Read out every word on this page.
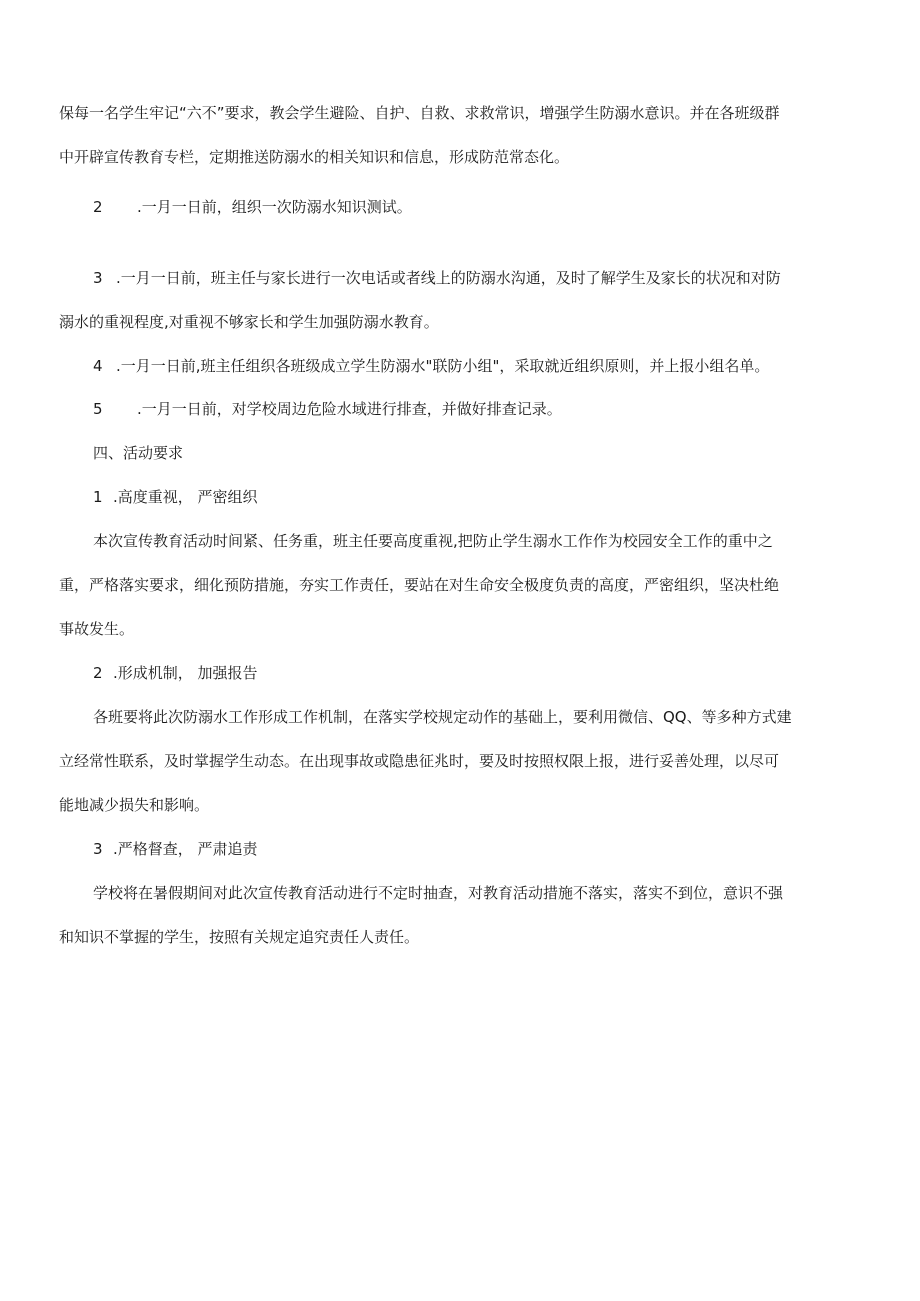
保每一名学生牢记“六不”要求，教会学生避险、自护、自救、求救常识，增强学生防溺水意识。并在各班级群
中开辟宣传教育专栏，定期推送防溺水的相关知识和信息，形成防范常态化。
2 .一月一日前，组织一次防溺水知识测试。
3 .一月一日前，班主任与家长进行一次电话或者线上的防溺水沟通，及时了解学生及家长的状况和对防
溺水的重视程度,对重视不够家长和学生加强防溺水教育。
4 .一月一日前,班主任组织各班级成立学生防溺水"联防小组"，采取就近组织原则，并上报小组名单。
5 .一月一日前，对学校周边危险水域进行排查，并做好排查记录。
四、活动要求
1 .高度重视， 严密组织
本次宣传教育活动时间紧、任务重，班主任要高度重视,把防止学生溺水工作作为校园安全工作的重中之
重，严格落实要求，细化预防措施，夯实工作责任，要站在对生命安全极度负责的高度，严密组织，坚决杜绝
事故发生。
2 .形成机制， 加强报告
各班要将此次防溺水工作形成工作机制，在落实学校规定动作的基础上，要利用微信、QQ、等多种方式建
立经常性联系，及时掌握学生动态。在出现事故或隐患征兆时，要及时按照权限上报，进行妥善处理，以尽可
能地减少损失和影响。
3 .严格督查， 严肃追责
学校将在暑假期间对此次宣传教育活动进行不定时抽查，对教育活动措施不落实，落实不到位，意识不强
和知识不掌握的学生，按照有关规定追究责任人责任。
